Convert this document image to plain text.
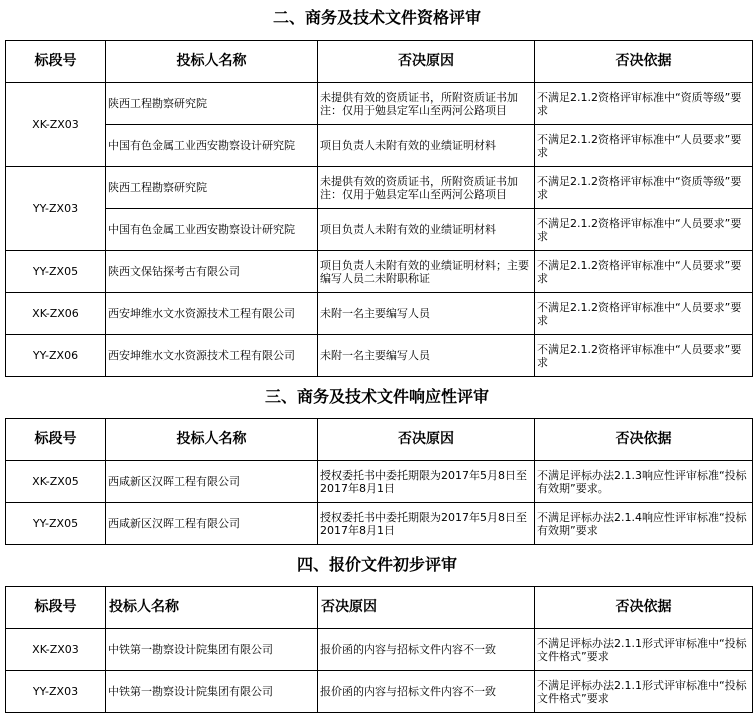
二、商务及技术文件资格评审
标段号	投标人名称	否决原因	否决依据
XK-ZX03	陕西工程勘察研究院	未提供有效的资质证书，所附资质证书加注：仅用于勉县定军山至两河公路项目	不满足2.1.2资格评审标准中“资质等级”要求
	中国有色金属工业西安勘察设计研究院	项目负责人未附有效的业绩证明材料	不满足2.1.2资格评审标准中“人员要求”要求
YY-ZX03	陕西工程勘察研究院	未提供有效的资质证书，所附资质证书加注：仅用于勉县定军山至两河公路项目	不满足2.1.2资格评审标准中“资质等级”要求
	中国有色金属工业西安勘察设计研究院	项目负责人未附有效的业绩证明材料	不满足2.1.2资格评审标准中“人员要求”要求
YY-ZX05	陕西文保钻探考古有限公司	项目负责人未附有效的业绩证明材料；主要编写人员二未附职称证	不满足2.1.2资格评审标准中“人员要求”要求
XK-ZX06	西安坤维水文水资源技术工程有限公司	未附一名主要编写人员	不满足2.1.2资格评审标准中“人员要求”要求
YY-ZX06	西安坤维水文水资源技术工程有限公司	未附一名主要编写人员	不满足2.1.2资格评审标准中“人员要求”要求
三、商务及技术文件响应性评审
标段号	投标人名称	否决原因	否决依据
XK-ZX05	西咸新区汉晖工程有限公司	授权委托书中委托期限为2017年5月8日至2017年8月1日	不满足评标办法2.1.3响应性评审标准“投标有效期”要求。
YY-ZX05	西咸新区汉晖工程有限公司	授权委托书中委托期限为2017年5月8日至2017年8月1日	不满足评标办法2.1.4响应性评审标准“投标有效期”要求
四、报价文件初步评审
标段号	投标人名称	否决原因	否决依据
XK-ZX03	中铁第一勘察设计院集团有限公司	报价函的内容与招标文件内容不一致	不满足评标办法2.1.1形式评审标准中“投标文件格式”要求
YY-ZX03	中铁第一勘察设计院集团有限公司	报价函的内容与招标文件内容不一致	不满足评标办法2.1.1形式评审标准中“投标文件格式”要求
